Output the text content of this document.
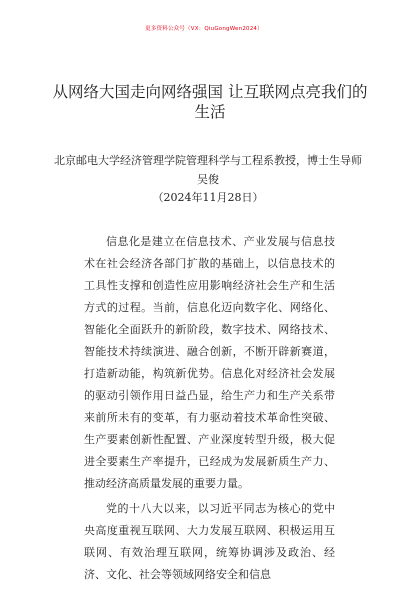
更多资料公众号（VX：QiuGongWen2024）
从网络大国走向网络强国 让互联网点亮我们的生活
北京邮电大学经济管理学院管理科学与工程系教授，博士生导师吴俊
（2024年11月28日）

信息化是建立在信息技术、产业发展与信息技术在社会经济各部门扩散的基础上，以信息技术的工具性支撑和创造性应用影响经济社会生产和生活方式的过程。当前，信息化迈向数字化、网络化、智能化全面跃升的新阶段，数字技术、网络技术、智能技术持续演进、融合创新，不断开辟新赛道，打造新动能，构筑新优势。信息化对经济社会发展的驱动引领作用日益凸显，给生产力和生产关系带来前所未有的变革，有力驱动着技术革命性突破、生产要素创新性配置、产业深度转型升级，极大促进全要素生产率提升，已经成为发展新质生产力、推动经济高质量发展的重要力量。

党的十八大以来，以习近平同志为核心的党中央高度重视互联网、大力发展互联网、积极运用互联网、有效治理互联网，统筹协调涉及政治、经济、文化、社会等领域网络安全和信息
